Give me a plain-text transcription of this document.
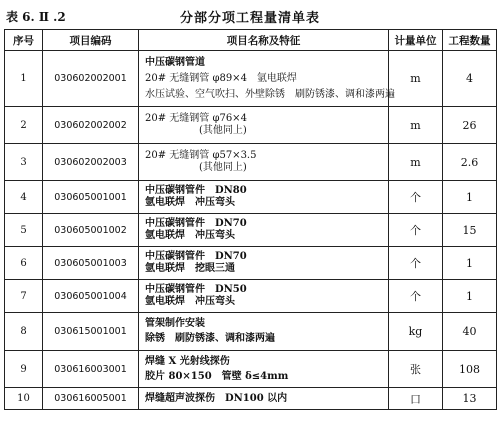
表 6. Ⅱ .2	分部分项工程量清单表
序号	项目编码	项目名称及特征	计量单位	工程数量
1	030602002001	中压碳钢管道
20# 无缝钢管 φ89×4　氩电联焊
水压试验、空气吹扫、外壁除锈　刷防锈漆、调和漆两遍	m	4
2	030602002002	20# 无缝钢管 φ76×4
(其他同上)	m	26
3	030602002003	20# 无缝钢管 φ57×3.5
(其他同上)	m	2.6
4	030605001001	中压碳钢管件　DN80
氩电联焊　冲压弯头	个	1
5	030605001002	中压碳钢管件　DN70
氩电联焊　冲压弯头	个	15
6	030605001003	中压碳钢管件　DN70
氩电联焊　挖眼三通	个	1
7	030605001004	中压碳钢管件　DN50
氩电联焊　冲压弯头	个	1
8	030615001001	管架制作安装
除锈　刷防锈漆、调和漆两遍	kg	40
9	030616003001	焊缝 X 光射线探伤
胶片 80×150　管壁 δ≤4mm	张	108
10	030616005001	焊缝超声波探伤　DN100 以内	口	13
